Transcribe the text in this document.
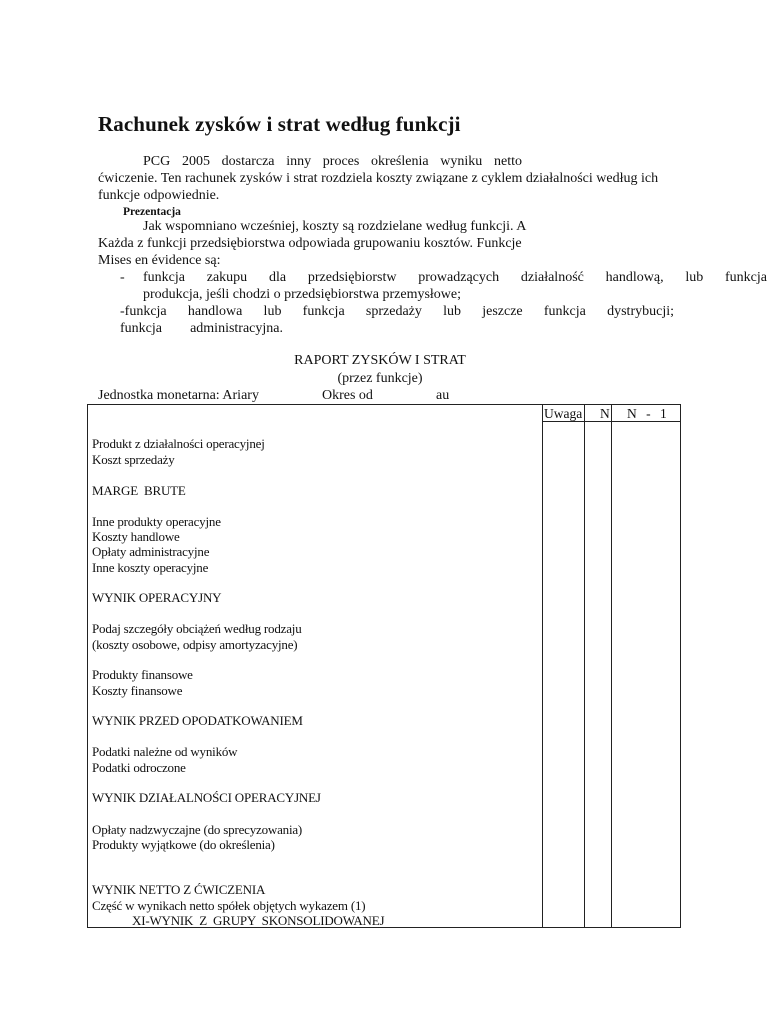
Rachunek zysków i strat według funkcji
PCG 2005 dostarcza inny proces określenia wyniku netto
ćwiczenie. Ten rachunek zysków i strat rozdziela koszty związane z cyklem działalności według ich
funkcje odpowiednie.
Prezentacja
Jak wspomniano wcześniej, koszty są rozdzielane według funkcji. A
Każda z funkcji przedsiębiorstwa odpowiada grupowaniu kosztów. Funkcje
Mises en évidence są:
- funkcja zakupu dla przedsiębiorstw prowadzących działalność handlową, lub funkcja
produkcja, jeśli chodzi o przedsiębiorstwa przemysłowe;
-funkcja handlowa lub funkcja sprzedaży lub jeszcze funkcja dystrybucji;
funkcja administracyjna.
RAPORT ZYSKÓW I STRAT
(przez funkcje)
Jednostka monetarna: Ariary	Okres od	au
Uwaga N N - 1
Produkt z działalności operacyjnej
Koszt sprzedaży
MARGE BRUTE
Inne produkty operacyjne
Koszty handlowe
Opłaty administracyjne
Inne koszty operacyjne
WYNIK OPERACYJNY
Podaj szczegóły obciążeń według rodzaju
(koszty osobowe, odpisy amortyzacyjne)
Produkty finansowe
Koszty finansowe
WYNIK PRZED OPODATKOWANIEM
Podatki należne od wyników
Podatki odroczone
WYNIK DZIAŁALNOŚCI OPERACYJNEJ
Opłaty nadzwyczajne (do sprecyzowania)
Produkty wyjątkowe (do określenia)
WYNIK NETTO Z ĆWICZENIA
Część w wynikach netto spółek objętych wykazem (1)
XI-WYNIK Z GRUPY SKONSOLIDOWANEJ
